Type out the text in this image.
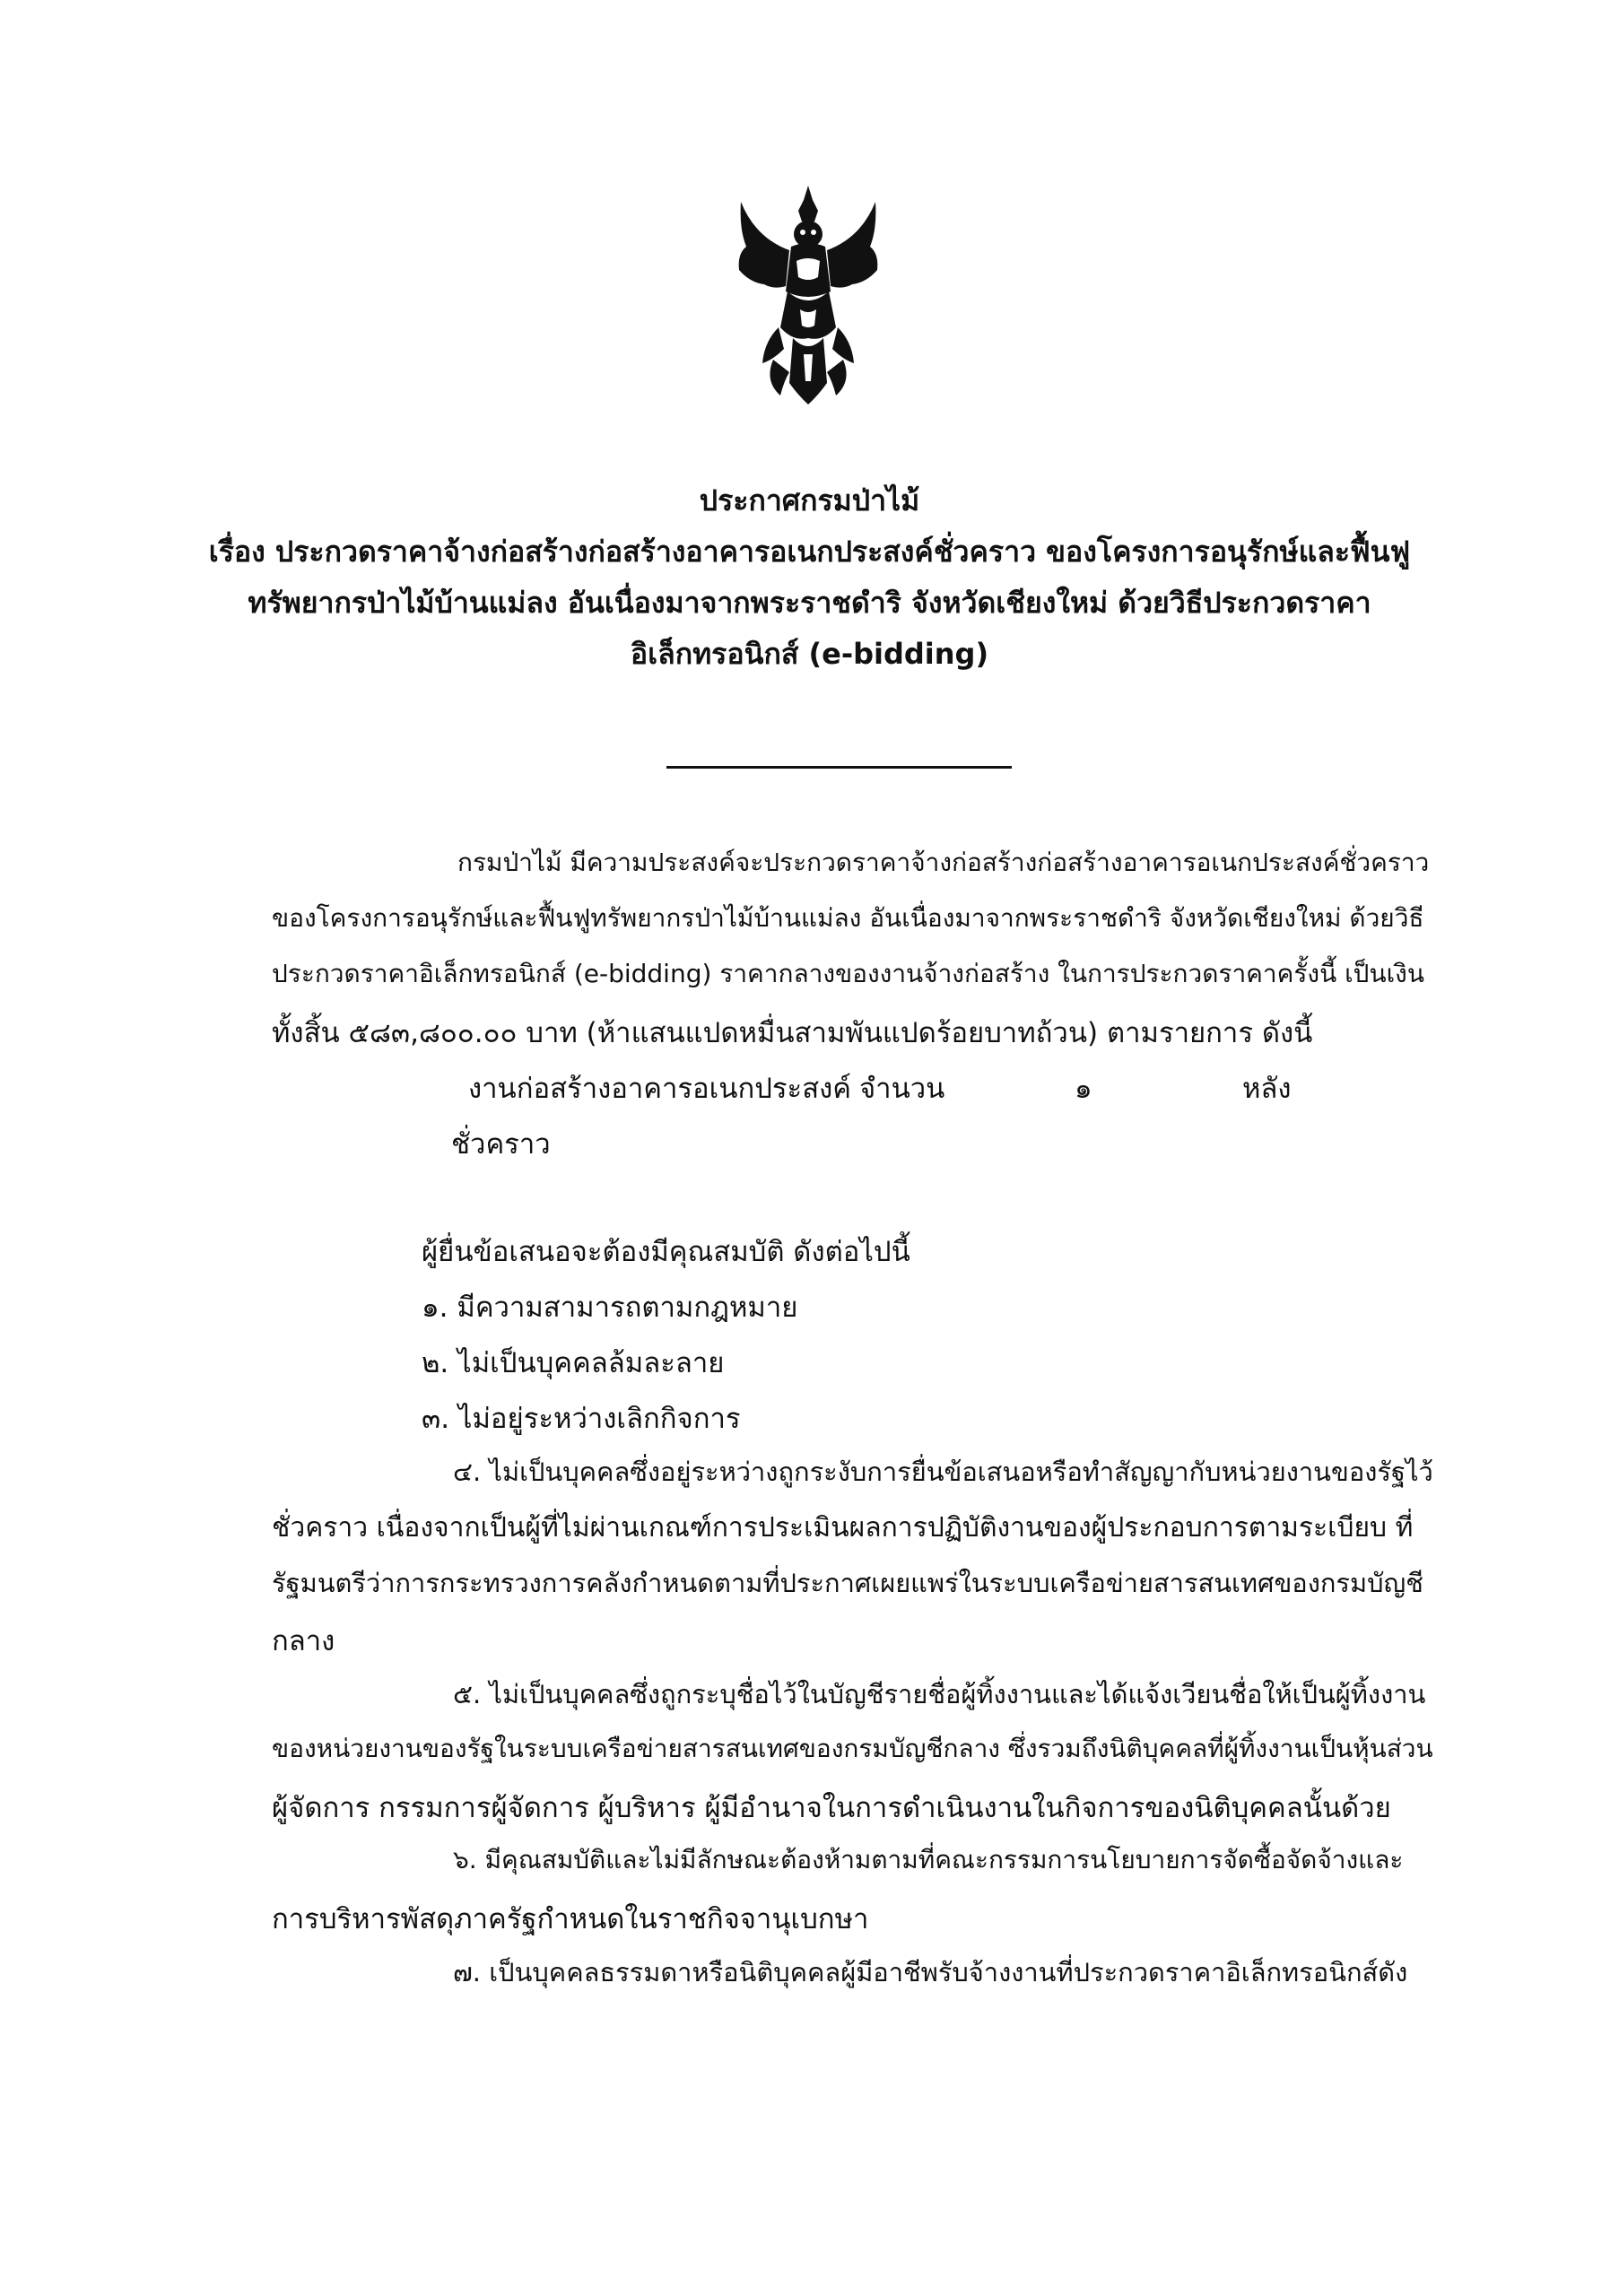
ประกาศกรมป่าไม้

เรื่อง ประกวดราคาจ้างก่อสร้างก่อสร้างอาคารอเนกประสงค์ชั่วคราว ของโครงการอนุรักษ์และฟื้นฟู

ทรัพยากรป่าไม้บ้านแม่ลง อันเนื่องมาจากพระราชดำริ จังหวัดเชียงใหม่ ด้วยวิธีประกวดราคา

อิเล็กทรอนิกส์ (e-bidding)

กรมป่าไม้ มีความประสงค์จะประกวดราคาจ้างก่อสร้างก่อสร้างอาคารอเนกประสงค์ชั่วคราว

ของโครงการอนุรักษ์และฟื้นฟูทรัพยากรป่าไม้บ้านแม่ลง อันเนื่องมาจากพระราชดำริ จังหวัดเชียงใหม่ ด้วยวิธี

ประกวดราคาอิเล็กทรอนิกส์ (e-bidding) ราคากลางของงานจ้างก่อสร้าง ในการประกวดราคาครั้งนี้ เป็นเงิน

ทั้งสิ้น ๕๘๓,๘๐๐.๐๐ บาท (ห้าแสนแปดหมื่นสามพันแปดร้อยบาทถ้วน) ตามรายการ ดังนี้

งานก่อสร้างอาคารอเนกประสงค์ จำนวน	๑	หลัง

ชั่วคราว

ผู้ยื่นข้อเสนอจะต้องมีคุณสมบัติ ดังต่อไปนี้

๑. มีความสามารถตามกฎหมาย

๒. ไม่เป็นบุคคลล้มละลาย

๓. ไม่อยู่ระหว่างเลิกกิจการ

๔. ไม่เป็นบุคคลซึ่งอยู่ระหว่างถูกระงับการยื่นข้อเสนอหรือทำสัญญากับหน่วยงานของรัฐไว้

ชั่วคราว เนื่องจากเป็นผู้ที่ไม่ผ่านเกณฑ์การประเมินผลการปฏิบัติงานของผู้ประกอบการตามระเบียบ ที่

รัฐมนตรีว่าการกระทรวงการคลังกำหนดตามที่ประกาศเผยแพร่ในระบบเครือข่ายสารสนเทศของกรมบัญชี

กลาง

๕. ไม่เป็นบุคคลซึ่งถูกระบุชื่อไว้ในบัญชีรายชื่อผู้ทิ้งงานและได้แจ้งเวียนชื่อให้เป็นผู้ทิ้งงาน

ของหน่วยงานของรัฐในระบบเครือข่ายสารสนเทศของกรมบัญชีกลาง ซึ่งรวมถึงนิติบุคคลที่ผู้ทิ้งงานเป็นหุ้นส่วน

ผู้จัดการ กรรมการผู้จัดการ ผู้บริหาร ผู้มีอำนาจในการดำเนินงานในกิจการของนิติบุคคลนั้นด้วย

๖. มีคุณสมบัติและไม่มีลักษณะต้องห้ามตามที่คณะกรรมการนโยบายการจัดซื้อจัดจ้างและ

การบริหารพัสดุภาครัฐกำหนดในราชกิจจานุเบกษา

๗. เป็นบุคคลธรรมดาหรือนิติบุคคลผู้มีอาชีพรับจ้างงานที่ประกวดราคาอิเล็กทรอนิกส์ดัง
